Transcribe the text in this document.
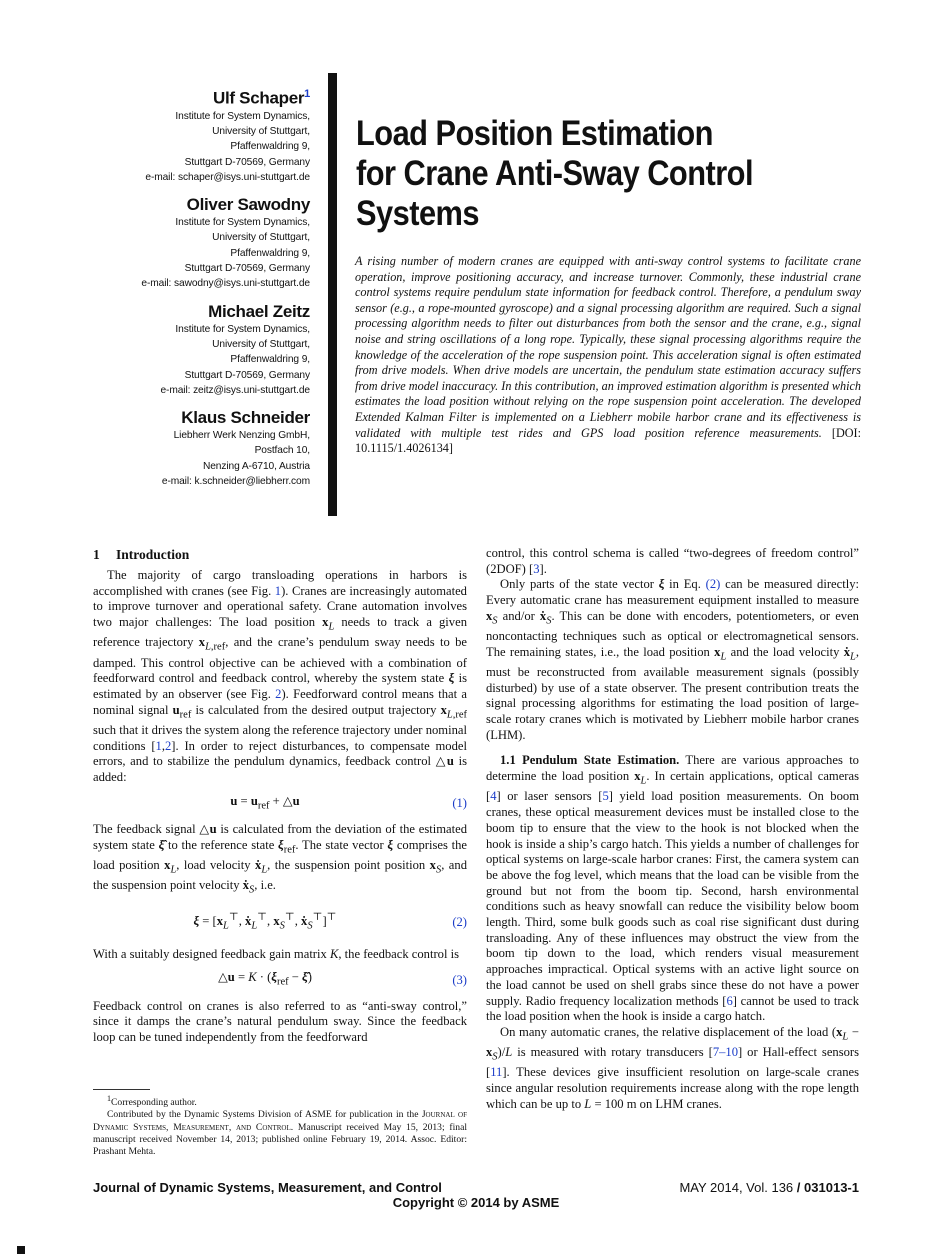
Ulf Schaper$^1$
Institute for System Dynamics,
University of Stuttgart,
Pfaffenwaldring 9,
Stuttgart D-70569, Germany
e-mail: schaper@isys.uni-stuttgart.de
Oliver Sawodny
Institute for System Dynamics,
University of Stuttgart,
Pfaffenwaldring 9,
Stuttgart D-70569, Germany
e-mail: sawodny@isys.uni-stuttgart.de
Michael Zeitz
Institute for System Dynamics,
University of Stuttgart,
Pfaffenwaldring 9,
Stuttgart D-70569, Germany
e-mail: zeitz@isys.uni-stuttgart.de
Klaus Schneider
Liebherr Werk Nenzing GmbH,
Postfach 10,
Nenzing A-6710, Austria
e-mail: k.schneider@liebherr.com
Load Position Estimation
for Crane Anti-Sway Control
Systems
A rising number of modern cranes are equipped with anti-sway control systems to facilitate crane operation, improve positioning accuracy, and increase turnover. Commonly, these industrial crane control systems require pendulum state information for feedback control. Therefore, a pendulum sway sensor (e.g., a rope-mounted gyroscope) and a signal processing algorithm are required. Such a signal processing algorithm needs to filter out disturbances from both the sensor and the crane, e.g., signal noise and string oscillations of a long rope. Typically, these signal processing algorithms require the knowledge of the acceleration of the rope suspension point. This acceleration signal is often estimated from drive models. When drive models are uncertain, the pendulum state estimation accuracy suffers from drive model inaccuracy. In this contribution, an improved estimation algorithm is presented which estimates the load position without relying on the rope suspension point acceleration. The developed Extended Kalman Filter is implemented on a Liebherr mobile harbor crane and its effectiveness is validated with multiple test rides and GPS load position reference measurements. [DOI: 10.1115/1.4026134]
1 Introduction

The majority of cargo transloading operations in harbors is accomplished with cranes (see Fig. 1). Cranes are increasingly automated to improve turnover and operational safety. Crane automation involves two major challenges: The load position $x_L$ needs to track a given reference trajectory $x_{L,ref}$, and the crane’s pendulum sway needs to be damped. This control objective can be achieved with a combination of feedforward control and feedback control, whereby the system state ξ is estimated by an observer (see Fig. 2). Feedforward control means that a nominal signal $u_{ref}$ is calculated from the desired output trajectory $x_{L,ref}$ such that it drives the system along the reference trajectory under nominal conditions [1,2]. In order to reject disturbances, to compensate model errors, and to stabilize the pendulum dynamics, feedback control △u is added:

$u = u_{ref}$ + △u	(1)

The feedback signal △u is calculated from the deviation of the estimated system state ξ̂ to the reference state $\xi_{ref}$. The state vector ξ comprises the load position $x_L$, load velocity ẋ$_L$, the suspension point position $x_S$, and the suspension point velocity ẋ$_S$, i.e.

$\xi = [x_L^⊤$, ẋ$_L$⊤, $x_S^⊤$, ẋ$_S$⊤]⊤	(2)

With a suitably designed feedback gain matrix K, the feedback control is

△u = $K \cdot (\xi_{ref}$ − ξ̂)	(3)

Feedback control on cranes is also referred to as “anti-sway control,” since it damps the crane’s natural pendulum sway. Since the feedback loop can be tuned independently from the feedforward

$^1$Corresponding author.

Contributed by the Dynamic Systems Division of ASME for publication in the Journal of Dynamic Systems, Measurement, and Control. Manuscript received May 15, 2013; final manuscript received November 14, 2013; published online February 19, 2014. Assoc. Editor: Prashant Mehta.

control, this control schema is called “two-degrees of freedom control” (2DOF) [3].

Only parts of the state vector ξ in Eq. (2) can be measured directly: Every automatic crane has measurement equipment installed to measure $x_S$ and/or ẋ$_S$. This can be done with encoders, potentiometers, or even noncontacting techniques such as optical or electromagnetical sensors. The remaining states, i.e., the load position $x_L$ and the load velocity ẋ$_L$, must be reconstructed from available measurement signals (possibly disturbed) by use of a state observer. The present contribution treats the signal processing algorithms for estimating the load position of large-scale rotary cranes which is motivated by Liebherr mobile harbor cranes (LHM).

1.1 Pendulum State Estimation. There are various approaches to determine the load position $x_L$. In certain applications, optical cameras [4] or laser sensors [5] yield load position measurements. On boom cranes, these optical measurement devices must be installed close to the boom tip to ensure that the view to the hook is not blocked when the hook is inside a ship’s cargo hatch. This yields a number of challenges for optical systems on large-scale harbor cranes: First, the camera system can be above the fog level, which means that the load can be visible from the ground but not from the boom tip. Second, harsh environmental conditions such as heavy snowfall can reduce the visibility below boom length. Third, some bulk goods such as coal rise significant dust during transloading. Any of these influences may obstruct the view from the boom tip down to the load, which renders visual measurement approaches impractical. Optical systems with an active light source on the load cannot be used on shell grabs since these do not have a power supply. Radio frequency localization methods [6] cannot be used to track the load position when the hook is inside a cargo hatch.

On many automatic cranes, the relative displacement of the load $(x_L - x_S)/L$ is measured with rotary transducers [7–10] or Hall-effect sensors [11]. These devices give insufficient resolution on large-scale cranes since angular resolution requirements increase along with the rope length which can be up to L = 100 m on LHM cranes.

Journal of Dynamic Systems, Measurement, and Control	MAY 2014, Vol. 136 / 031013-1
Copyright © 2014 by ASME
